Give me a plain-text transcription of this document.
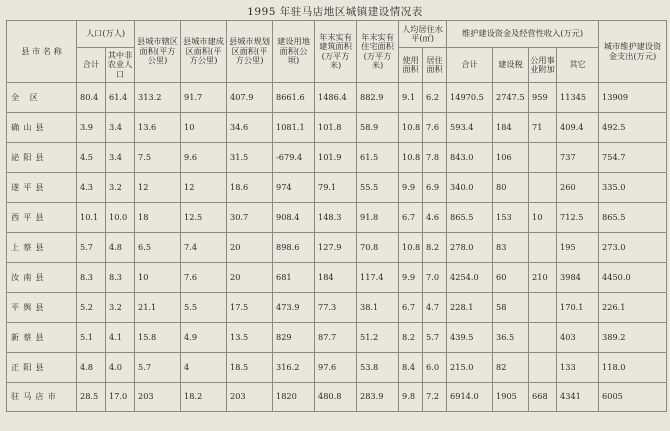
1995 年驻马店地区城镇建设情况表
县 市 名 称	人口(万人)		县城市辖区面积(平方公里)	县城市建成区面积(平方公里)	县城市规划区面积(平方公里)	建设用地面积(公顷)	年末实有建筑面积(万平方米)	年末实有住宅面积(万平方米)	人均居住水平(㎡)		维护建设资金及经营性收入(万元)				城市维护建设资金支出(万元)
	合计	其中非农业人口							使用面积	居住面积	合计	建设税	公用事业附加	其它	
全 区	80.4	61.4	313.2	91.7	407.9	8661.6	1486.4	882.9	9.1	6.2	14970.5	2747.5	959	11345	13909
确山县	3.9	3.4	13.6	10	34.6	1081.1	101.8	58.9	10.8	7.6	593.4	184	71	409.4	492.5
泌阳县	4.5	3.4	7.5	9.6	31.5	-679.4	101.9	61.5	10.8	7.8	843.0	106		737	754.7
遂平县	4.3	3.2	12	12	18.6	974	79.1	55.5	9.9	6.9	340.0	80		260	335.0
西平县	10.1	10.0	18	12.5	30.7	908.4	148.3	91.8	6.7	4.6	865.5	153	10	712.5	865.5
上蔡县	5.7	4.8	6.5	7.4	20	898.6	127.9	70.8	10.8	8.2	278.0	83		195	273.0
汝南县	8.3	8.3	10	7.6	20	681	184	117.4	9.9	7.0	4254.0	60	210	3984	4450.0
平舆县	5.2	3.2	21.1	5.5	17.5	473.9	77.3	38.1	6.7	4.7	228.1	58		170.1	226.1
新蔡县	5.1	4.1	15.8	4.9	13.5	829	87.7	51.2	8.2	5.7	439.5	36.5		403	389.2
正阳县	4.8	4.0	5.7	4	18.5	316.2	97.6	53.8	8.4	6.0	215.0	82		133	118.0
驻马店市	28.5	17.0	203	18.2	203	1820	480.8	283.9	9.8	7.2	6914.0	1905	668	4341	6005
